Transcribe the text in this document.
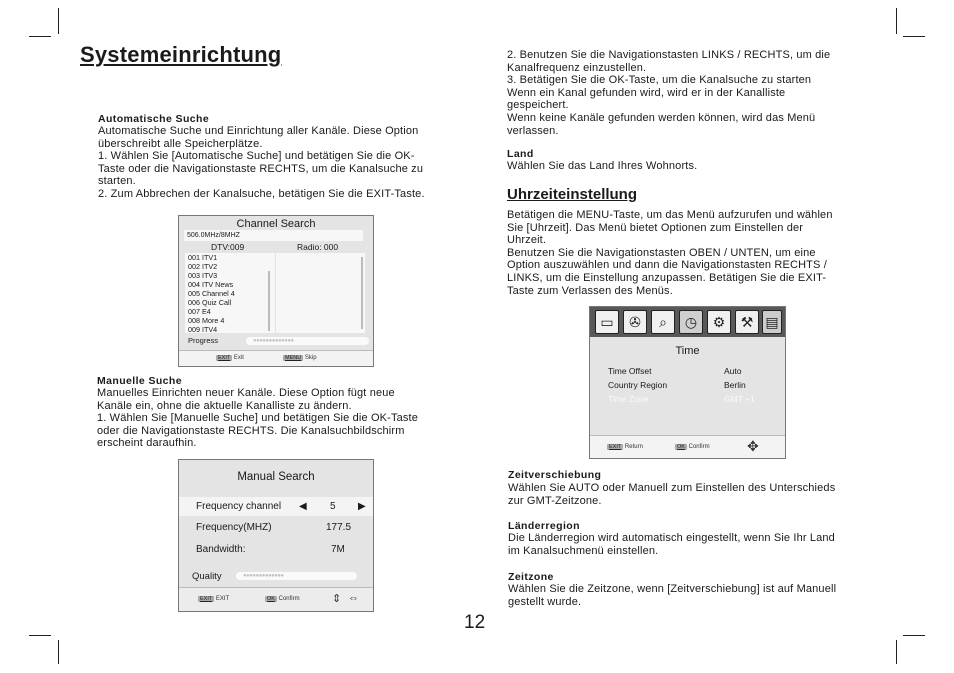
Systemeinrichtung
Automatische Suche

Automatische Suche und Einrichtung aller Kanäle. Diese Option

überschreibt alle Speicherplätze.

1. Wählen Sie [Automatische Suche] und betätigen Sie die OK-

Taste oder die Navigationstaste RECHTS, um die Kanalsuche zu

starten.

2. Zum Abbrechen der Kanalsuche, betätigen Sie die EXIT-Taste.

Channel Search
506.0MHz/8MHZ
DTV:009	Radio: 000
001 ITV1
002 ITV2
003 ITV3
004 ITV News
005 Channel 4
006 Quiz Call
007 E4
008 More 4
009 ITV4
Progress	●●●●●●●●●●●●●
EXIT Exit	MENU Skip
Manuelle Suche

Manuelles Einrichten neuer Kanäle. Diese Option fügt neue

Kanäle ein, ohne die aktuelle Kanalliste zu ändern.

1. Wählen Sie [Manuelle Suche] und betätigen Sie die OK-Taste

oder die Navigationstaste RECHTS. Die Kanalsuchbildschirm

erscheint daraufhin.

Manual Search
Frequency channel ◀ 5 ▶
Frequency(MHZ)	177.5
Bandwidth:	7M
Quality	●●●●●●●●●●●●●
EXIT EXIT	OK Confirm	⇕ ⇔

2. Benutzen Sie die Navigationstasten LINKS / RECHTS, um die

Kanalfrequenz einzustellen.

3. Betätigen Sie die OK-Taste, um die Kanalsuche zu starten

Wenn ein Kanal gefunden wird, wird er in der Kanalliste

gespeichert.

Wenn keine Kanäle gefunden werden können, wird das Menü

verlassen.

Land

Wählen Sie das Land Ihres Wohnorts.

Uhrzeiteinstellung

Betätigen die MENU-Taste, um das Menü aufzurufen und wählen

Sie [Uhrzeit]. Das Menü bietet Optionen zum Einstellen der

Uhrzeit.

Benutzen Sie die Navigationstasten OBEN / UNTEN, um eine

Option auszuwählen und dann die Navigationstasten RECHTS /

LINKS, um die Einstellung anzupassen. Betätigen Sie die EXIT-

Taste zum Verlassen des Menüs.

▭	✇	⌕	◷	⚙	⚒ ▤
Time
Time Offset	Auto
Country Region	Berlin
Time Zone	GMT +1
EXIT Return	OK Confirm	✥
Zeitverschiebung

Wählen Sie AUTO oder Manuell zum Einstellen des Unterschieds

zur GMT-Zeitzone.

Länderregion

Die Länderregion wird automatisch eingestellt, wenn Sie Ihr Land

im Kanalsuchmenü einstellen.

Zeitzone

Wählen Sie die Zeitzone, wenn [Zeitverschiebung] ist auf Manuell

gestellt wurde.

12
